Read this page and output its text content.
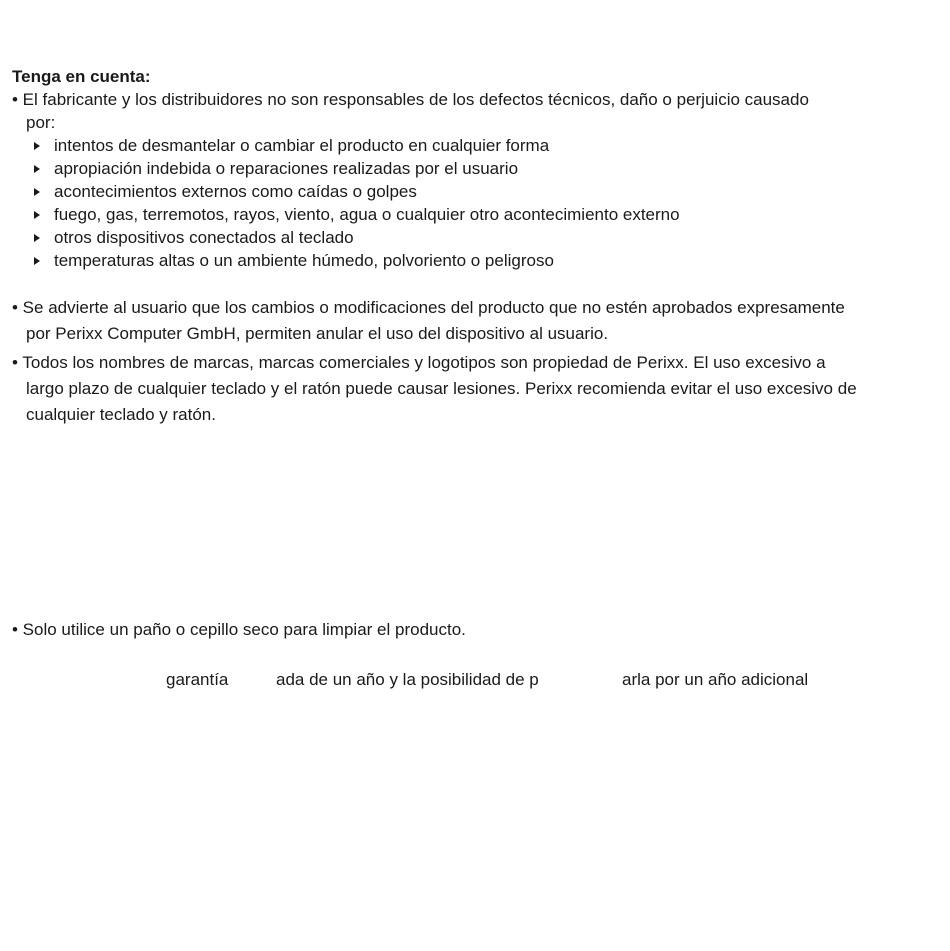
Tenga en cuenta:
• El fabricante y los distribuidores no son responsables de los defectos técnicos, daño o perjuicio causado
por:
intentos de desmantelar o cambiar el producto en cualquier forma
apropiación indebida o reparaciones realizadas por el usuario
acontecimientos externos como caídas o golpes
fuego, gas, terremotos, rayos, viento, agua o cualquier otro acontecimiento externo
otros dispositivos conectados al teclado
temperaturas altas o un ambiente húmedo, polvoriento o peligroso
• Se advierte al usuario que los cambios o modificaciones del producto que no estén aprobados expresamente
por Perixx Computer GmbH, permiten anular el uso del dispositivo al usuario.
• Todos los nombres de marcas, marcas comerciales y logotipos son propiedad de Perixx. El uso excesivo a
largo plazo de cualquier teclado y el ratón puede causar lesiones. Perixx recomienda evitar el uso excesivo de
cualquier teclado y ratón.
• Solo utilice un paño o cepillo seco para limpiar el producto.
garantía	ada de un año y la posibilidad de p	arla por un año adicional
